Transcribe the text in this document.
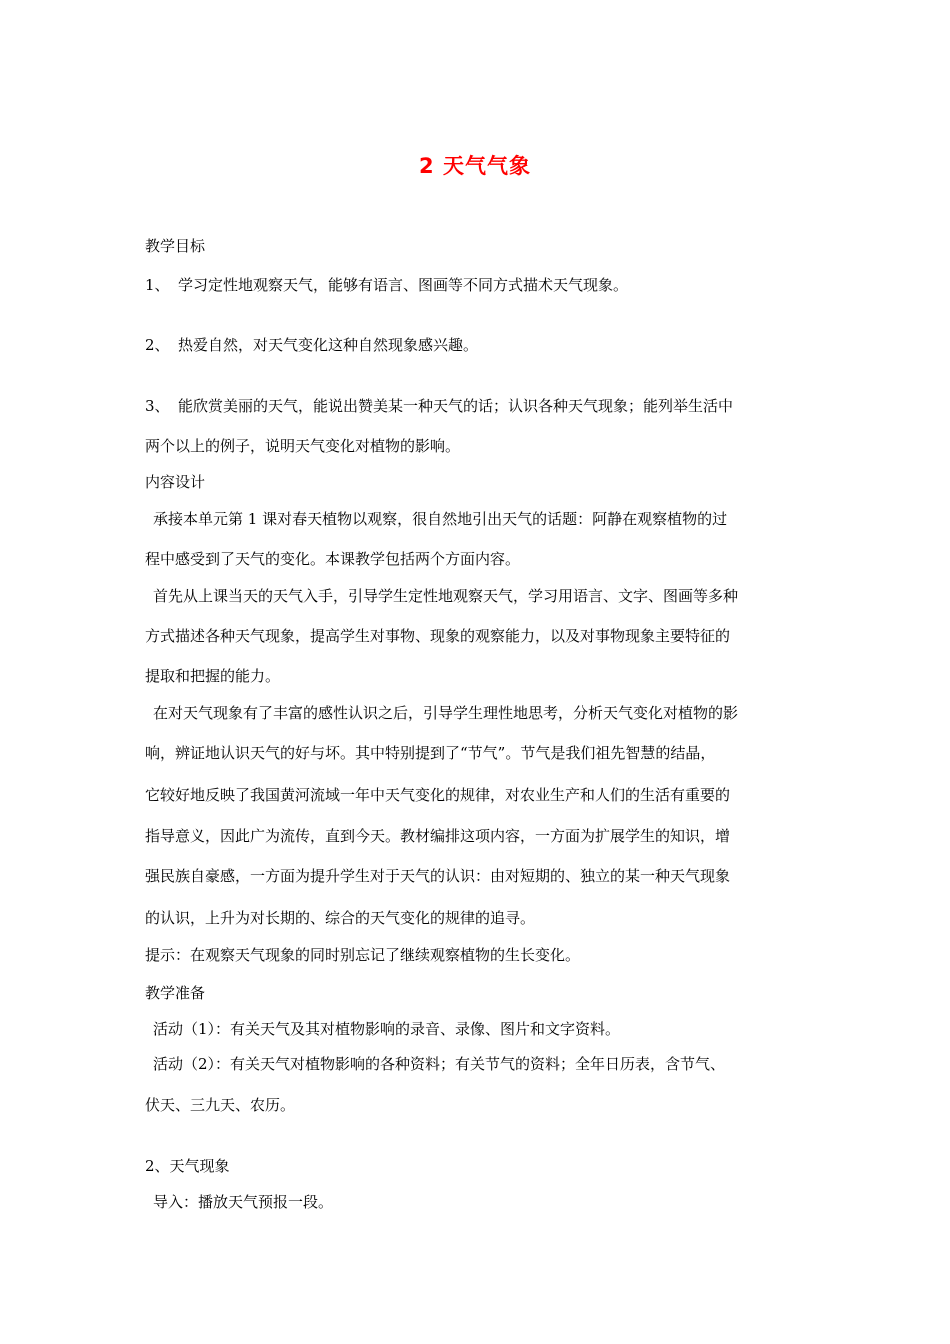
2 天气气象
教学目标
1、 学习定性地观察天气，能够有语言、图画等不同方式描术天气现象。
2、 热爱自然，对天气变化这种自然现象感兴趣。
3、 能欣赏美丽的天气，能说出赞美某一种天气的话；认识各种天气现象；能列举生活中
两个以上的例子，说明天气变化对植物的影响。
内容设计
承接本单元第 1 课对春天植物以观察，很自然地引出天气的话题：阿静在观察植物的过
程中感受到了天气的变化。本课教学包括两个方面内容。
首先从上课当天的天气入手，引导学生定性地观察天气，学习用语言、文字、图画等多种
方式描述各种天气现象，提高学生对事物、现象的观察能力，以及对事物现象主要特征的
提取和把握的能力。
在对天气现象有了丰富的感性认识之后，引导学生理性地思考，分析天气变化对植物的影
响，辨证地认识天气的好与坏。其中特别提到了“节气”。节气是我们祖先智慧的结晶，
它较好地反映了我国黄河流域一年中天气变化的规律，对农业生产和人们的生活有重要的
指导意义，因此广为流传，直到今天。教材编排这项内容，一方面为扩展学生的知识，增
强民族自豪感，一方面为提升学生对于天气的认识：由对短期的、独立的某一种天气现象
的认识，上升为对长期的、综合的天气变化的规律的追寻。
提示：在观察天气现象的同时别忘记了继续观察植物的生长变化。
教学准备
活动（1）：有关天气及其对植物影响的录音、录像、图片和文字资料。
活动（2）：有关天气对植物影响的各种资料；有关节气的资料；全年日历表，含节气、
伏天、三九天、农历。
2、天气现象
导入：播放天气预报一段。
